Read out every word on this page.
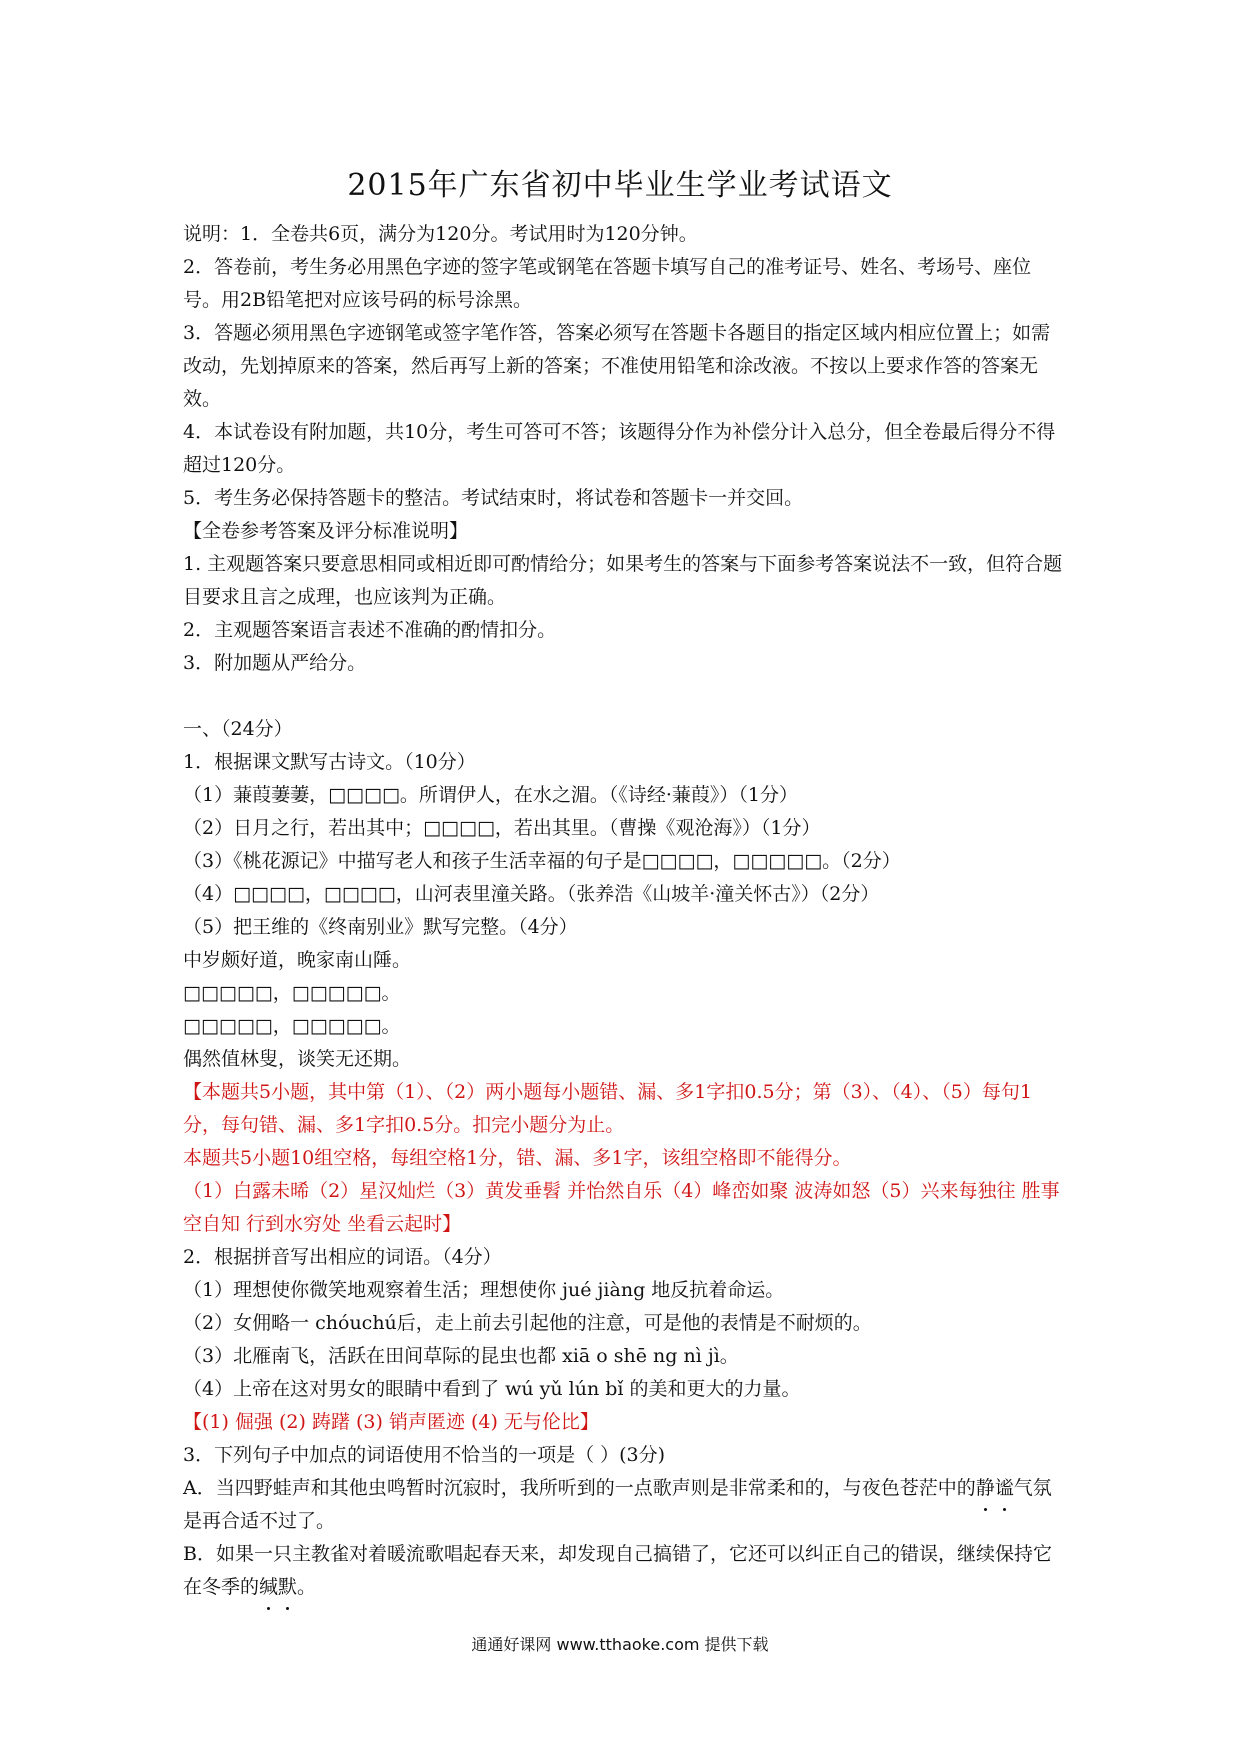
2015年广东省初中毕业生学业考试语文

说明：1．全卷共6页，满分为120分。考试用时为120分钟。

2．答卷前，考生务必用黑色字迹的签字笔或钢笔在答题卡填写自己的准考证号、姓名、考场号、座位号。用2B铅笔把对应该号码的标号涂黑。

3．答题必须用黑色字迹钢笔或签字笔作答，答案必须写在答题卡各题目的指定区域内相应位置上；如需改动，先划掉原来的答案，然后再写上新的答案；不准使用铅笔和涂改液。不按以上要求作答的答案无效。

4．本试卷设有附加题，共10分，考生可答可不答；该题得分作为补偿分计入总分，但全卷最后得分不得超过120分。

5．考生务必保持答题卡的整洁。考试结束时，将试卷和答题卡一并交回。

【全卷参考答案及评分标准说明】

1. 主观题答案只要意思相同或相近即可酌情给分；如果考生的答案与下面参考答案说法不一致，但符合题目要求且言之成理，也应该判为正确。

2．主观题答案语言表述不准确的酌情扣分。

3．附加题从严给分。

一、（24分）

1．根据课文默写古诗文。（10分）

（1）蒹葭萋萋，□□□□。所谓伊人，在水之湄。（《诗经·蒹葭》）（1分）

（2）日月之行，若出其中；□□□□，若出其里。（曹操《观沧海》）（1分）

（3）《桃花源记》中描写老人和孩子生活幸福的句子是□□□□，□□□□□。（2分）

（4）□□□□，□□□□，山河表里潼关路。（张养浩《山坡羊·潼关怀古》）（2分）

（5）把王维的《终南别业》默写完整。（4分）

中岁颇好道，晚家南山陲。

□□□□□，□□□□□。

□□□□□，□□□□□。

偶然值林叟，谈笑无还期。

【本题共5小题，其中第（1）、（2）两小题每小题错、漏、多1字扣0.5分；第（3）、（4）、（5）每句1分，每句错、漏、多1字扣0.5分。扣完小题分为止。

本题共5小题10组空格，每组空格1分，错、漏、多1字，该组空格即不能得分。

（1）白露未晞（2）星汉灿烂（3）黄发垂髫 并怡然自乐（4）峰峦如聚 波涛如怒（5）兴来每独往 胜事空自知 行到水穷处 坐看云起时】

2．根据拼音写出相应的词语。（4分）

（1）理想使你微笑地观察着生活；理想使你 jué jiàng 地反抗着命运。

（2）女佣略一 chóuchú后，走上前去引起他的注意，可是他的表情是不耐烦的。

（3）北雁南飞，活跃在田间草际的昆虫也都 xiā o shē ng nì jì。

（4）上帝在这对男女的眼睛中看到了 wú yǔ lún bǐ 的美和更大的力量。

【(1) 倔强 (2) 踌躇 (3) 销声匿迹 (4) 无与伦比】

3．下列句子中加点的词语使用不恰当的一项是（ ）(3分)

A．当四野蛙声和其他虫鸣暂时沉寂时，我所听到的一点歌声则是非常柔和的，与夜色苍茫中的静谧气氛是再合适不过了。

B．如果一只主教雀对着暖流歌唱起春天来，却发现自己搞错了，它还可以纠正自己的错误，继续保持它在冬季的缄默。

通通好课网 www.tthaoke.com 提供下载
